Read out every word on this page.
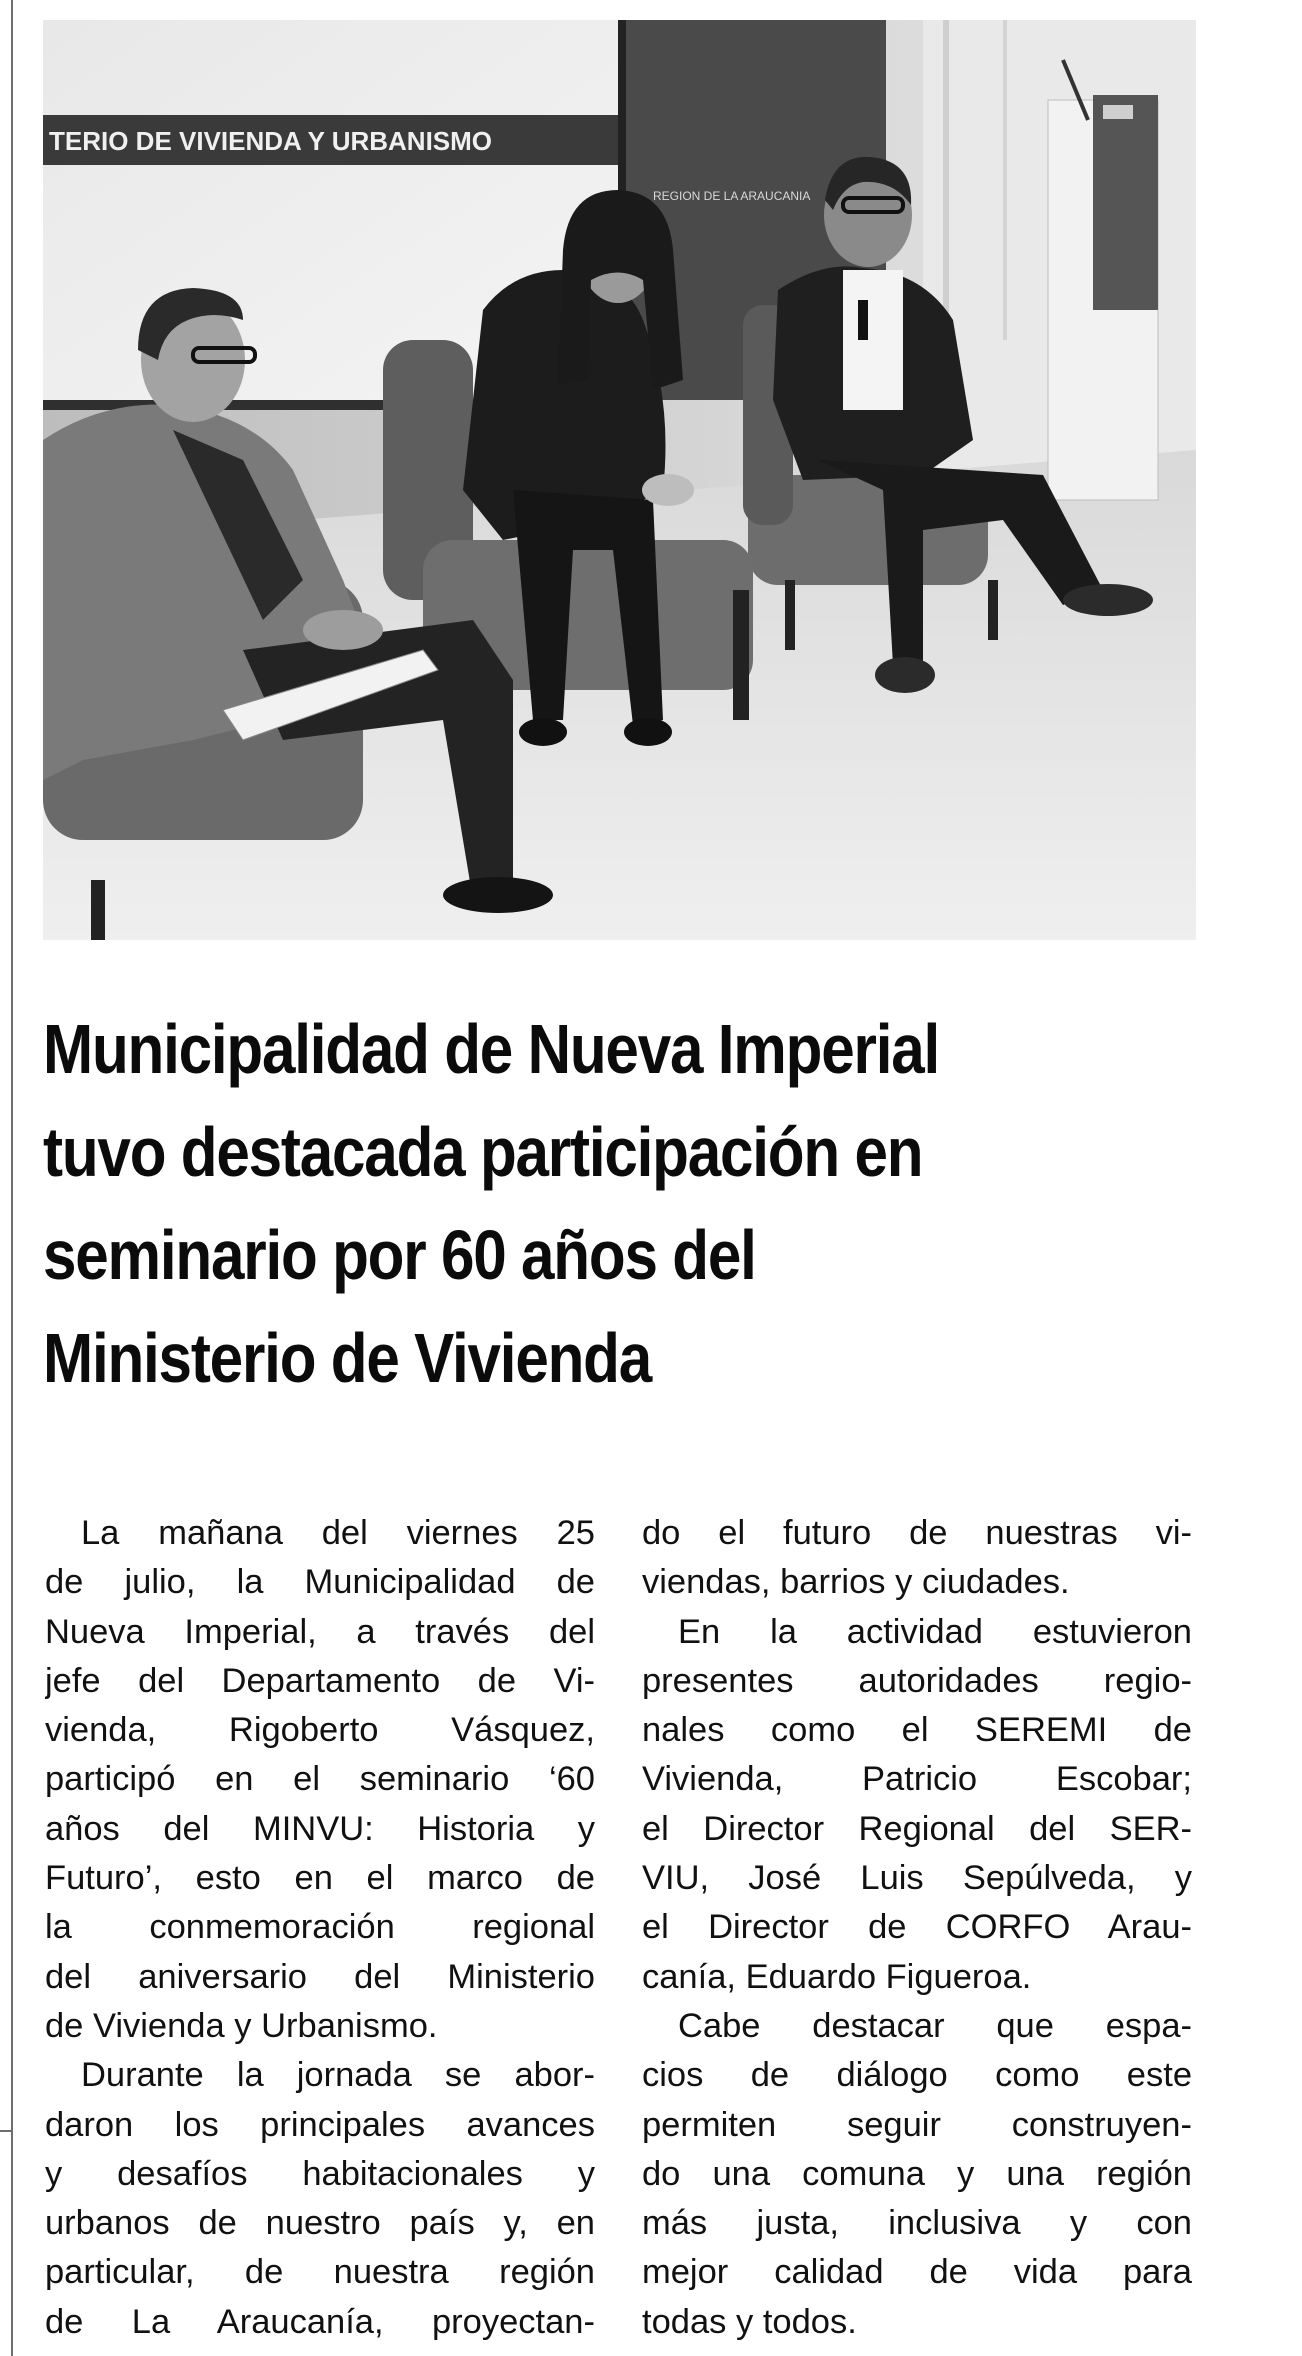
TERIO DE VIVIENDA Y URBANISMO
REGION DE LA ARAUCANIA
Municipalidad de Nueva Imperial
tuvo destacada participación en
seminario por 60 años del
Ministerio de Vivienda
La mañana del viernes 25
de julio, la Municipalidad de
Nueva Imperial, a través del
jefe del Departamento de Vi-
vienda, Rigoberto Vásquez,
participó en el seminario ‘60
años del MINVU: Historia y
Futuro’, esto en el marco de
la conmemoración regional
del aniversario del Ministerio
de Vivienda y Urbanismo.
Durante la jornada se abor-
daron los principales avances
y desafíos habitacionales y
urbanos de nuestro país y, en
particular, de nuestra región
de La Araucanía, proyectan-
do el futuro de nuestras vi-
viendas, barrios y ciudades.
En la actividad estuvieron
presentes autoridades regio-
nales como el SEREMI de
Vivienda, Patricio Escobar;
el Director Regional del SER-
VIU, José Luis Sepúlveda, y
el Director de CORFO Arau-
canía, Eduardo Figueroa.
Cabe destacar que espa-
cios de diálogo como este
permiten seguir construyen-
do una comuna y una región
más justa, inclusiva y con
mejor calidad de vida para
todas y todos.
